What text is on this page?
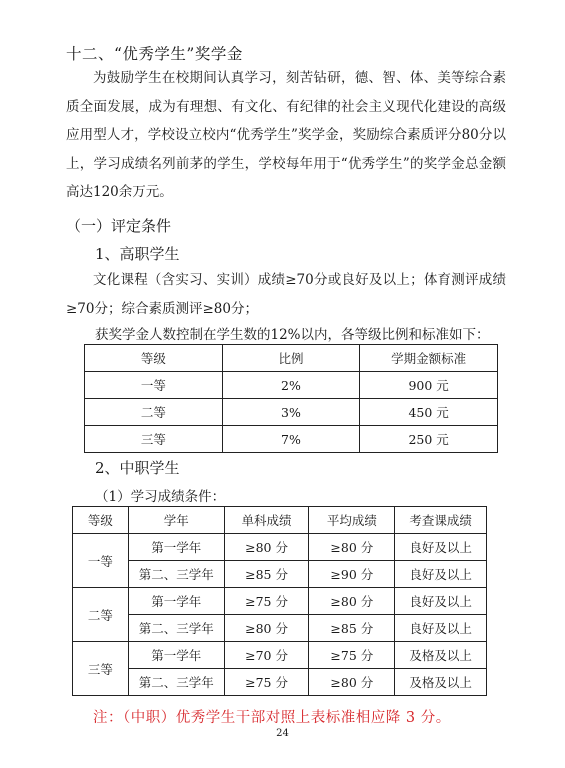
十二、“优秀学生”奖学金
为鼓励学生在校期间认真学习，刻苦钻研，德、智、体、美等综合素质全面发展，成为有理想、有文化、有纪律的社会主义现代化建设的高级应用型人才，学校设立校内“优秀学生”奖学金，奖励综合素质评分80分以上，学习成绩名列前茅的学生，学校每年用于“优秀学生”的奖学金总金额高达120余万元。
（一）评定条件
1、高职学生
文化课程（含实习、实训）成绩≥70分或良好及以上；体育测评成绩≥70分；综合素质测评≥80分；
获奖学金人数控制在学生数的12%以内，各等级比例和标准如下：
等级	比例	学期金额标准
一等	2%	900 元
二等	3%	450 元
三等	7%	250 元
2、中职学生
（1）学习成绩条件：
等级	学年	单科成绩	平均成绩	考查课成绩
一等	第一学年	≥80 分	≥80 分	良好及以上
	第二、三学年	≥85 分	≥90 分	良好及以上
二等	第一学年	≥75 分	≥80 分	良好及以上
	第二、三学年	≥80 分	≥85 分	良好及以上
三等	第一学年	≥70 分	≥75 分	及格及以上
	第二、三学年	≥75 分	≥80 分	及格及以上
注：（中职）优秀学生干部对照上表标准相应降 3 分。
24
